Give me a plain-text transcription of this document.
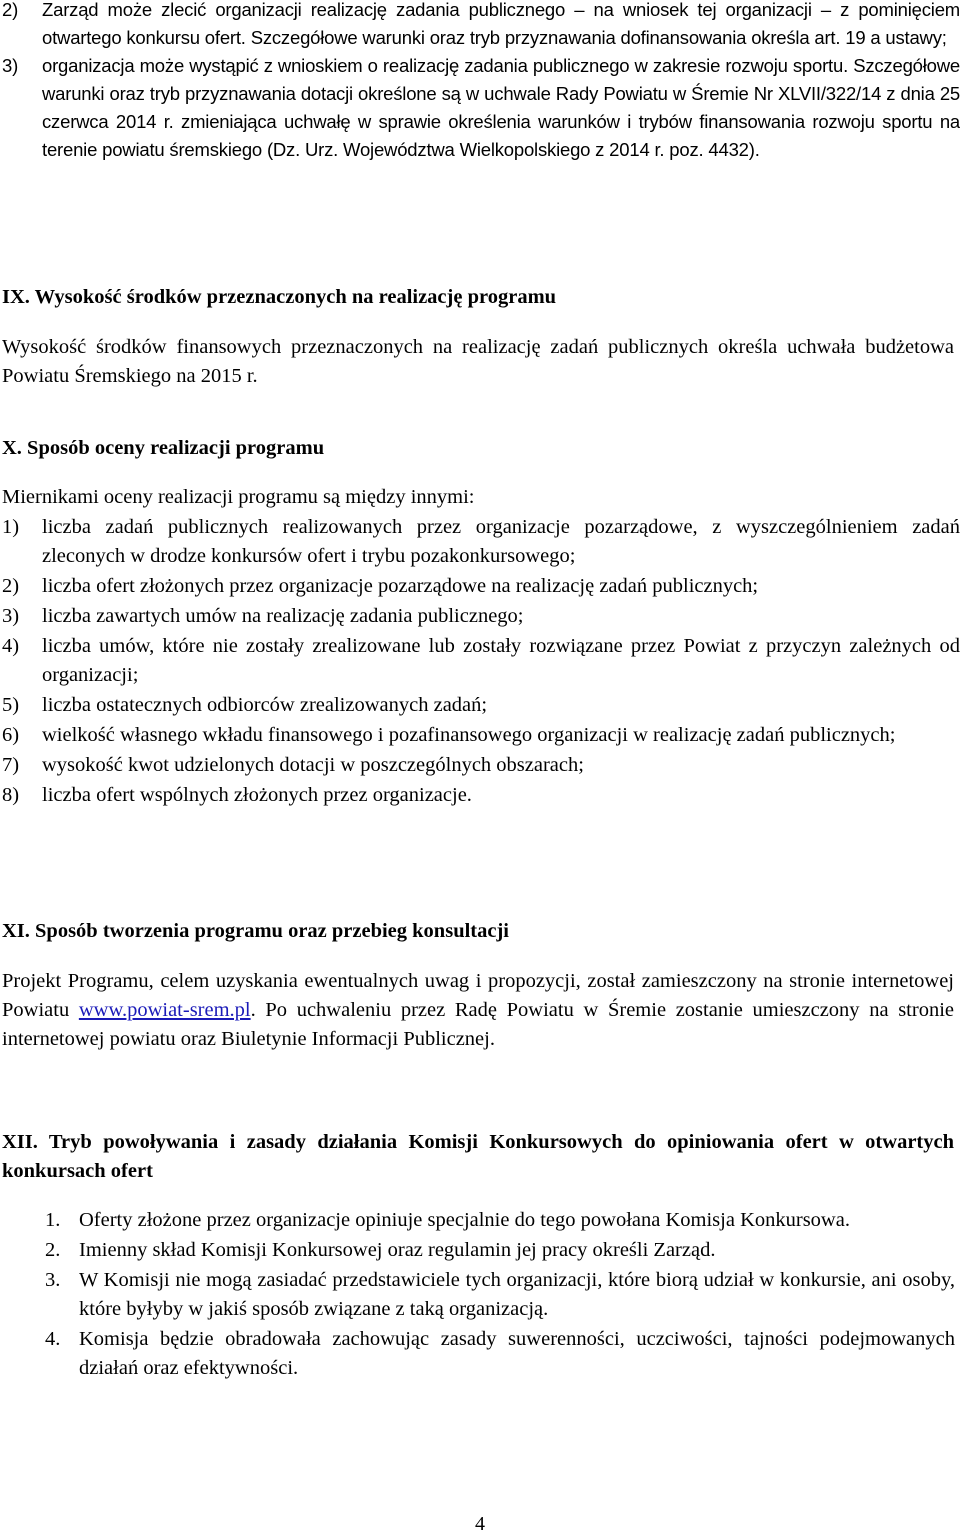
2) Zarząd może zlecić organizacji realizację zadania publicznego – na wniosek tej organizacji – z pominięciem otwartego konkursu ofert. Szczegółowe warunki oraz tryb przyznawania dofinansowania określa art. 19 a ustawy;
3) organizacja może wystąpić z wnioskiem o realizację zadania publicznego w zakresie rozwoju sportu. Szczegółowe warunki oraz tryb przyznawania dotacji określone są w uchwale Rady Powiatu w Śremie Nr XLVII/322/14 z dnia 25 czerwca 2014 r. zmieniająca uchwałę w sprawie określenia warunków i trybów finansowania rozwoju sportu na terenie powiatu śremskiego (Dz. Urz. Województwa Wielkopolskiego z 2014 r. poz. 4432).
IX. Wysokość środków przeznaczonych na realizację programu
Wysokość środków finansowych przeznaczonych na realizację zadań publicznych określa uchwała budżetowa Powiatu Śremskiego na 2015 r.
X. Sposób oceny realizacji programu
Miernikami oceny realizacji programu są między innymi:
1) liczba zadań publicznych realizowanych przez organizacje pozarządowe, z wyszczególnieniem zadań zleconych w drodze konkursów ofert i trybu pozakonkursowego;
2) liczba ofert złożonych przez organizacje pozarządowe na realizację zadań publicznych;
3) liczba zawartych umów na realizację zadania publicznego;
4) liczba umów, które nie zostały zrealizowane lub zostały rozwiązane przez Powiat z przyczyn zależnych od organizacji;
5) liczba ostatecznych odbiorców zrealizowanych zadań;
6) wielkość własnego wkładu finansowego i pozafinansowego organizacji w realizację zadań publicznych;
7) wysokość kwot udzielonych dotacji w poszczególnych obszarach;
8) liczba ofert wspólnych złożonych przez organizacje.
XI. Sposób tworzenia programu oraz przebieg konsultacji
Projekt Programu, celem uzyskania ewentualnych uwag i propozycji, został zamieszczony na stronie internetowej Powiatu www.powiat-srem.pl. Po uchwaleniu przez Radę Powiatu w Śremie zostanie umieszczony na stronie internetowej powiatu oraz Biuletynie Informacji Publicznej.
XII. Tryb powoływania i zasady działania Komisji Konkursowych do opiniowania ofert w otwartych konkursach ofert
1. Oferty złożone przez organizacje opiniuje specjalnie do tego powołana Komisja Konkursowa.
2. Imienny skład Komisji Konkursowej oraz regulamin jej pracy określi Zarząd.
3. W Komisji nie mogą zasiadać przedstawiciele tych organizacji, które biorą udział w konkursie, ani osoby, które byłyby w jakiś sposób związane z taką organizacją.
4. Komisja będzie obradowała zachowując zasady suwerenności, uczciwości, tajności podejmowanych działań oraz efektywności.
4
